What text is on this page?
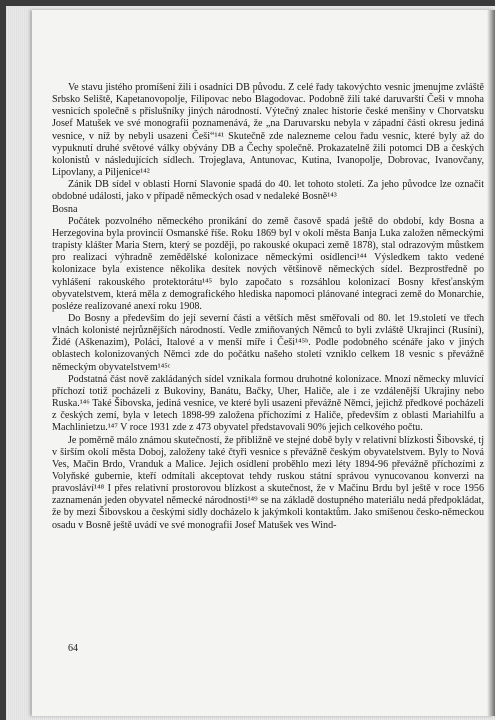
Ve stavu jistého promíšení žili i osadníci DB původu. Z celé řady takovýchto vesnic jmenujme zvláště Srbsko Seliště, Kapetanovopolje, Filipovac nebo Blagodovac. Podobně žili také daruvarští Češi v mnoha vesnicích společně s příslušníky jiných národností. Výtečný znalec historie české menšiny v Chorvatsku Josef Matušek ve své monografii poznamenává, že „na Daruvarsku nebyla v západní části okresu jediná vesnice, v níž by nebyli usazeni Češi“¹⁴¹ Skutečně zde nalezneme celou řadu vesnic, které byly až do vypuknutí druhé světové války obývány DB a Čechy společně. Prokazatelně žili potomci DB a českých kolonistů v následujících sídlech. Trojeglava, Antunovac, Kutina, Ivanopolje, Dobrovac, Ivanovčany, Lipovlany, a Piljenice¹⁴²

Zánik DB sídel v oblasti Horní Slavonie spadá do 40. let tohoto století. Za jeho původce lze označit obdobné události, jako v případě německých osad v nedaleké Bosně¹⁴³

Bosna

Počátek pozvolného německého pronikání do země časově spadá ještě do období, kdy Bosna a Herzegovina byla provincií Osmanské říše. Roku 1869 byl v okolí města Banja Luka založen německými trapisty klášter Maria Stern, který se později, po rakouské okupaci země 1878), stal odrazovým můstkem pro realizaci výhradně zemědělské kolonizace německými osídlenci¹⁴⁴ Výsledkem takto vedené kolonizace byla existence několika desítek nových většinově německých sídel. Bezprostředně po vyhlášení rakouského protektorátu¹⁴⁵ bylo započato s rozsáhlou kolonizací Bosny křesťanským obyvatelstvem, která měla z demografického hlediska napomoci plánované integraci země do Monarchie, posléze realizované anexí roku 1908.

Do Bosny a především do její severní části a větších měst směřovali od 80. let 19.století ve třech vlnách kolonisté nejrůznějších národností. Vedle zmiňovaných Němců to byli zvláště Ukrajinci (Rusíni), Židé (Aškenazim), Poláci, Italové a v menší míře i Češi¹⁴⁵ᵇ. Podle podobného scénáře jako v jiných oblastech kolonizovaných Němci zde do počátku našeho století vzniklo celkem 18 vesnic s převážně německým obyvatelstvem¹⁴⁵ᶜ

Podstatná část nově zakládaných sídel vznikala formou druhotné kolonizace. Mnozí německy mluvící příchozí totiž pocházeli z Bukoviny, Banátu, Bačky, Uher, Haliče, ale i ze vzdálenější Ukrajiny nebo Ruska.¹⁴⁶ Také Šibovska, jediná vesnice, ve které byli usazeni převážně Němci, jejichž předkové pocházeli z českých zemí, byla v letech 1898-99 založena příchozími z Haliče, především z oblasti Mariahilfu a Machlinietzu.¹⁴⁷ V roce 1931 zde z 473 obyvatel představovali 90% jejich celkového počtu.

Je poměrně málo známou skutečností, že přibližně ve stejné době byly v relativní blízkosti Šibovské, tj v širším okolí města Doboj, založeny také čtyři vesnice s převážně českým obyvatelstvem. Byly to Nová Ves, Mačin Brdo, Vranduk a Malice. Jejich osídlení proběhlo mezi léty 1894-96 převážně příchozími z Volyňské gubernie, kteří odmítali akceptovat tehdy ruskou státní správou vynucovanou konverzi na pravosláví¹⁴⁸ I přes relativní prostorovou blízkost a skutečnost, že v Mačinu Brdu byl ještě v roce 1956 zaznamenán jeden obyvatel německé národnosti¹⁴⁹ se na základě dostupného materiálu nedá předpokládat, že by mezi Šibovskou a českými sídly docházelo k jakýmkoli kontaktům. Jako smíšenou česko-německou osadu v Bosně ještě uvádí ve své monografii Josef Matušek ves Wind-

64
